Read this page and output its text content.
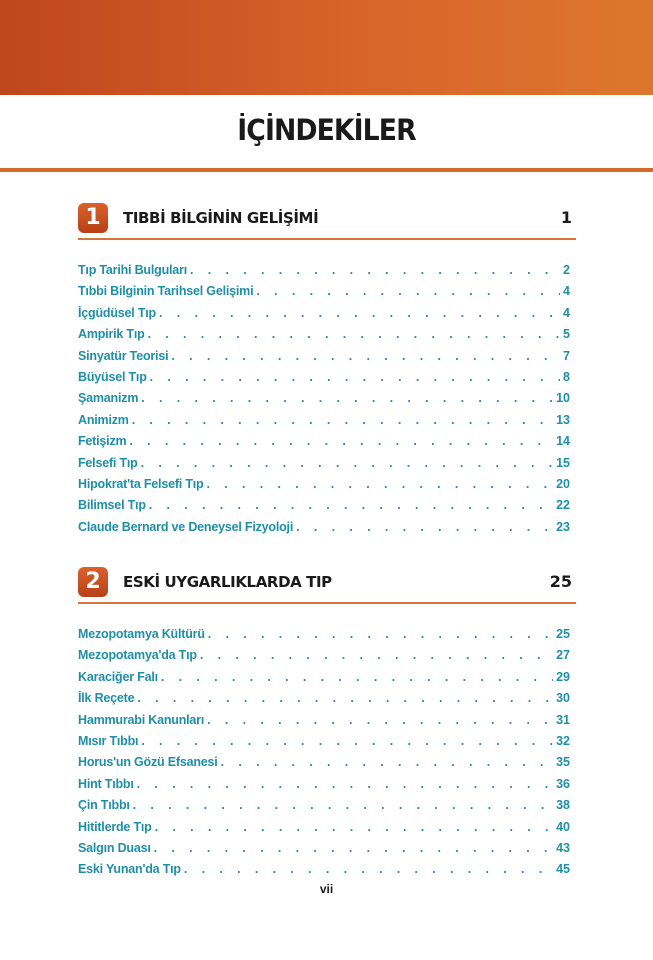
İÇİNDEKİLER
1	TIBBİ BİLGİNİN GELİŞİMİ	1
Tıp Tarihi Bulguları . . .	2
Tıbbi Bilginin Tarihsel Gelişimi . . .	4
İçgüdüsel Tıp . . .	4
Ampirik Tıp . . .	5
Sinyatür Teorisi . . .	7
Büyüsel Tıp . . .	8
Şamanizm . . .	10
Animizm . . .	13
Fetişizm . . .	14
Felsefi Tıp . . .	15
Hipokrat'ta Felsefi Tıp . . .	20
Bilimsel Tıp . . .	22
Claude Bernard ve Deneysel Fizyoloji . . .	23
2	ESKİ UYGARLIKLARDA TIP	25
Mezopotamya Kültürü . . .	25
Mezopotamya'da Tıp . . .	27
Karaciğer Falı . . .	29
İlk Reçete . . .	30
Hammurabi Kanunları . . .	31
Mısır Tıbbı . . .	32
Horus'un Gözü Efsanesi . . .	35
Hint Tıbbı . . .	36
Çin Tıbbı . . .	38
Hititlerde Tıp . . .	40
Salgın Duası . . .	43
Eski Yunan'da Tıp . . .	45
vii
